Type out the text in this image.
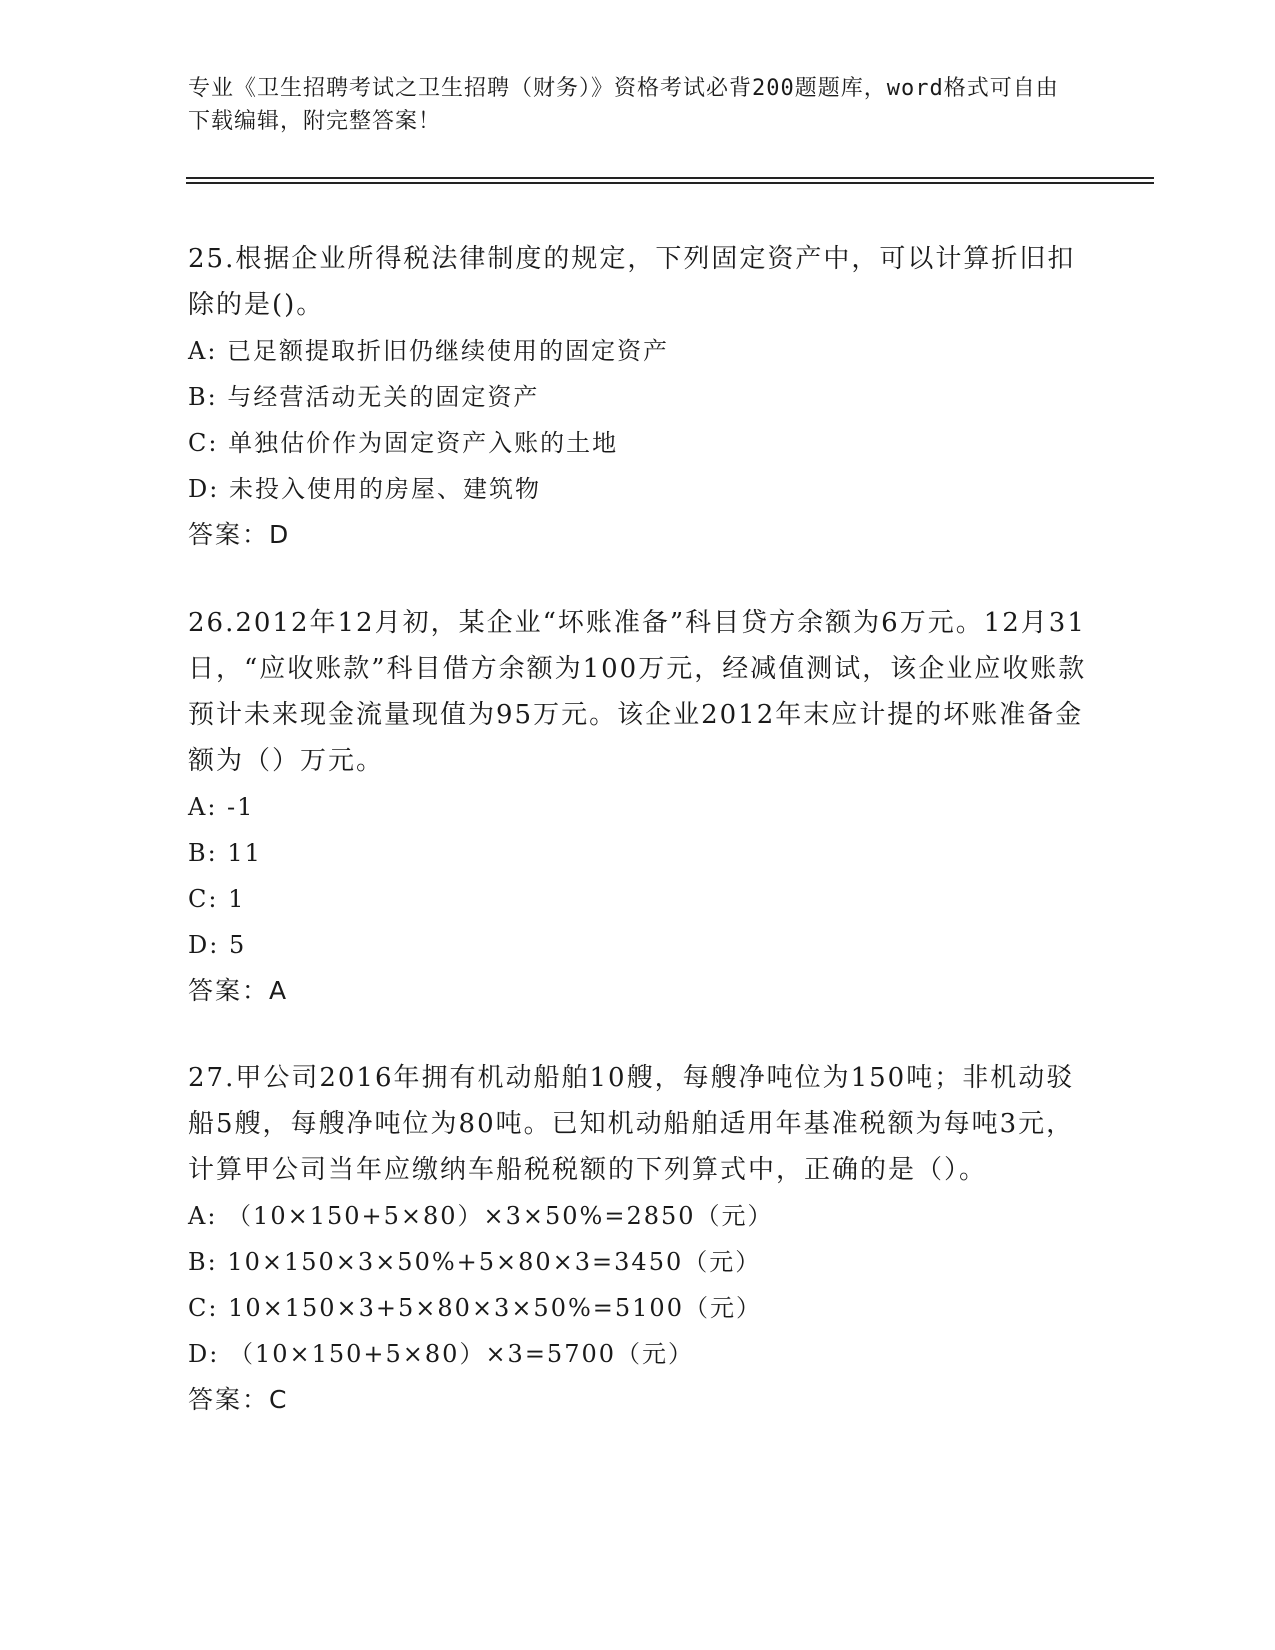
专业《卫生招聘考试之卫生招聘（财务）》资格考试必背200题题库，word格式可自由下载编辑，附完整答案！

25.根据企业所得税法律制度的规定，下列固定资产中，可以计算折旧扣除的是()。

A: 已足额提取折旧仍继续使用的固定资产
B: 与经营活动无关的固定资产
C: 单独估价作为固定资产入账的土地
D: 未投入使用的房屋、建筑物
答案：D

26.2012年12月初，某企业“坏账准备”科目贷方余额为6万元。12月31日，“应收账款”科目借方余额为100万元，经减值测试，该企业应收账款预计未来现金流量现值为95万元。该企业2012年末应计提的坏账准备金额为（）万元。

A: -1
B: 11
C: 1
D: 5
答案：A

27.甲公司2016年拥有机动船舶10艘，每艘净吨位为150吨；非机动驳船5艘，每艘净吨位为80吨。已知机动船舶适用年基准税额为每吨3元，计算甲公司当年应缴纳车船税税额的下列算式中，正确的是（）。

A: （10×150+5×80）×3×50%=2850（元）
B: 10×150×3×50%+5×80×3=3450（元）
C: 10×150×3+5×80×3×50%=5100（元）
D: （10×150+5×80）×3=5700（元）
答案：C
